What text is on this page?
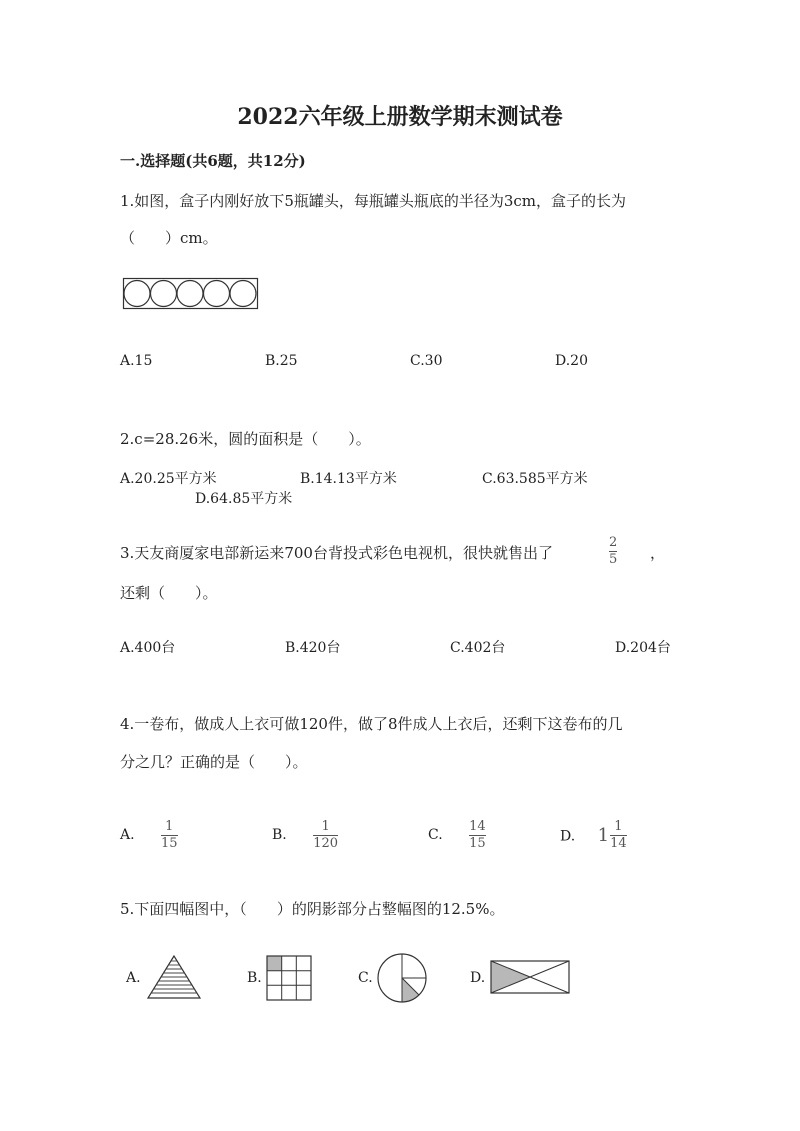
2022六年级上册数学期末测试卷
一.选择题(共6题，共12分)
1.如图，盒子内刚好放下5瓶罐头，每瓶罐头瓶底的半径为3cm，盒子的长为
（　　）cm。
A.15	B.25	C.30	D.20
2.c=28.26米，圆的面积是（　　）。
A.20.25平方米	B.14.13平方米	C.63.585平方米
D.64.85平方米
3.天友商厦家电部新运来700台背投式彩色电视机，很快就售出了	$\frac{2}{5}$ ，
还剩（　　）。
A.400台	B.420台	C.402台	D.204台
4.一卷布，做成人上衣可做120件，做了8件成人上衣后，还剩下这卷布的几
分之几？正确的是（　　）。
A. $\frac{1}{15}$	B. $\frac{1}{120}$	C. $\frac{14}{15}$	D. $1 \frac{1}{14}$
5.下面四幅图中，（　　）的阴影部分占整幅图的12.5%。
A.	B.	C.	D.
